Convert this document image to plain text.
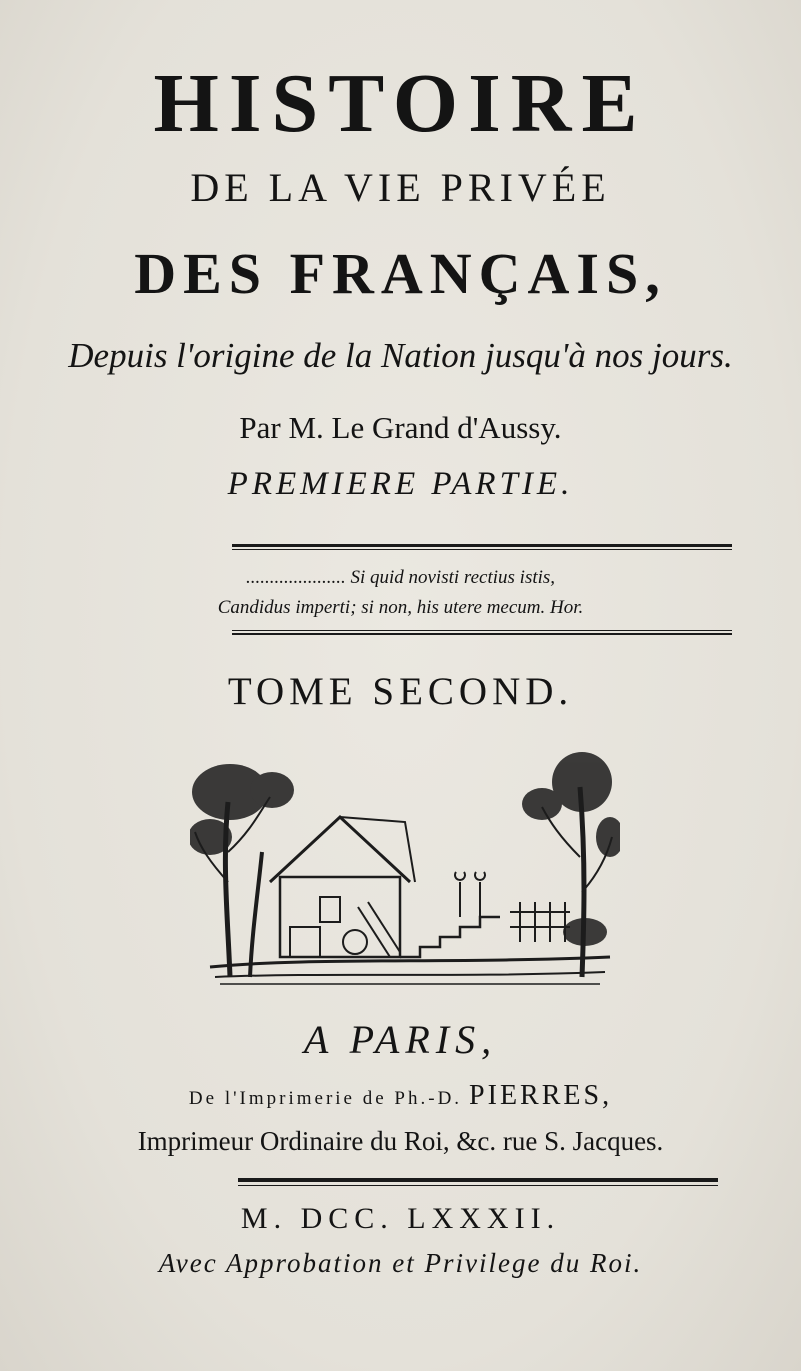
HISTOIRE
DE LA VIE PRIVÉE
DES FRANÇAIS,
Depuis l'origine de la Nation jusqu'à nos jours.
Par M. Le Grand d'Aussy.
PREMIERE PARTIE.
..................... Si quid novisti rectius istis,
Candidus imperti; si non, his utere mecum. Hor.
TOME SECOND.
A PARIS,
De l'Imprimerie de Ph.-D. PIERRES,
Imprimeur Ordinaire du Roi, &c. rue S. Jacques.
M. DCC. LXXXII.
Avec Approbation et Privilege du Roi.
